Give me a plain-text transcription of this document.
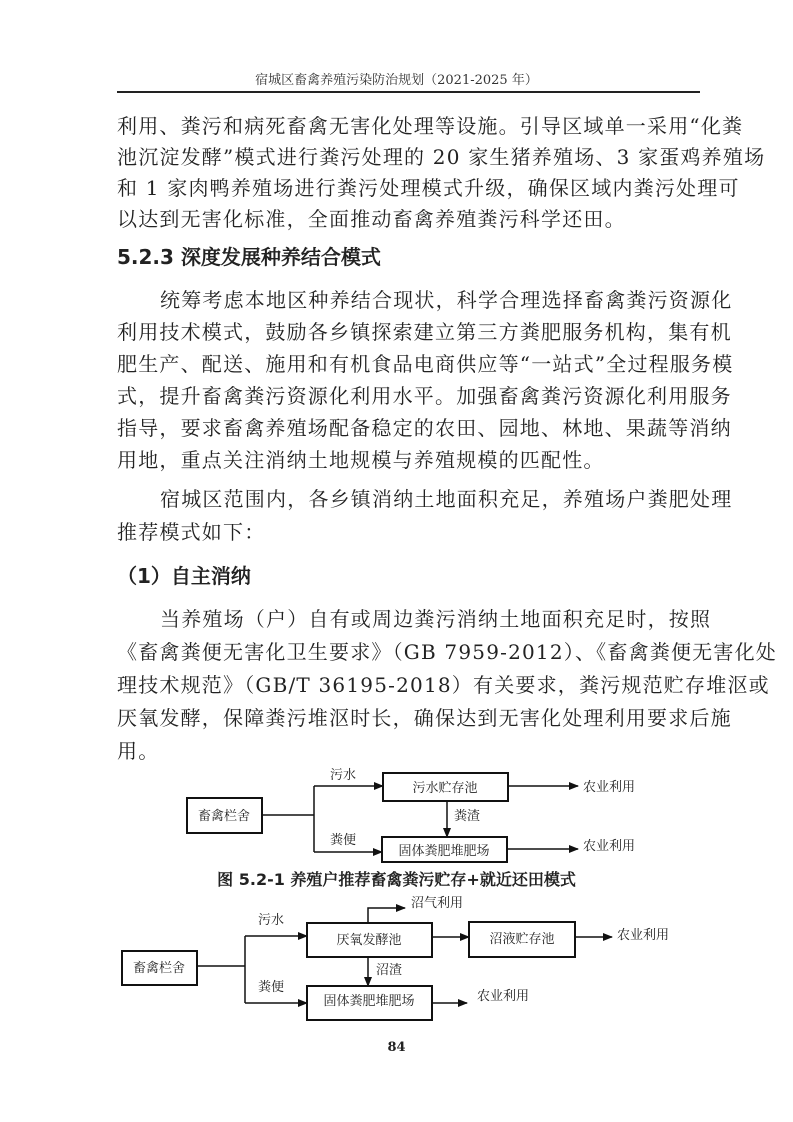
宿城区畜禽养殖污染防治规划（2021-2025 年）
利用、粪污和病死畜禽无害化处理等设施。引导区域单一采用“化粪
池沉淀发酵”模式进行粪污处理的 20 家生猪养殖场、3 家蛋鸡养殖场
和 1 家肉鸭养殖场进行粪污处理模式升级，确保区域内粪污处理可
以达到无害化标准，全面推动畜禽养殖粪污科学还田。
5.2.3 深度发展种养结合模式
统筹考虑本地区种养结合现状，科学合理选择畜禽粪污资源化
利用技术模式，鼓励各乡镇探索建立第三方粪肥服务机构，集有机
肥生产、配送、施用和有机食品电商供应等“一站式”全过程服务模
式，提升畜禽粪污资源化利用水平。加强畜禽粪污资源化利用服务
指导，要求畜禽养殖场配备稳定的农田、园地、林地、果蔬等消纳
用地，重点关注消纳土地规模与养殖规模的匹配性。
宿城区范围内，各乡镇消纳土地面积充足，养殖场户粪肥处理
推荐模式如下：
（1）自主消纳
当养殖场（户）自有或周边粪污消纳土地面积充足时，按照
《畜禽粪便无害化卫生要求》（GB 7959-2012）、《畜禽粪便无害化处
理技术规范》（GB/T 36195-2018）有关要求，粪污规范贮存堆沤或
厌氧发酵，保障粪污堆沤时长，确保达到无害化处理利用要求后施
用。
畜禽栏舍
污水
粪便
污水贮存池
固体粪肥堆肥场
粪渣
农业利用
农业利用
畜禽栏舍
污水
粪便
厌氧发酵池
沼气利用
沼液贮存池	农业利用
沼渣
固体粪肥堆肥场	农业利用
图 5.2-1 养殖户推荐畜禽粪污贮存+就近还田模式
84
